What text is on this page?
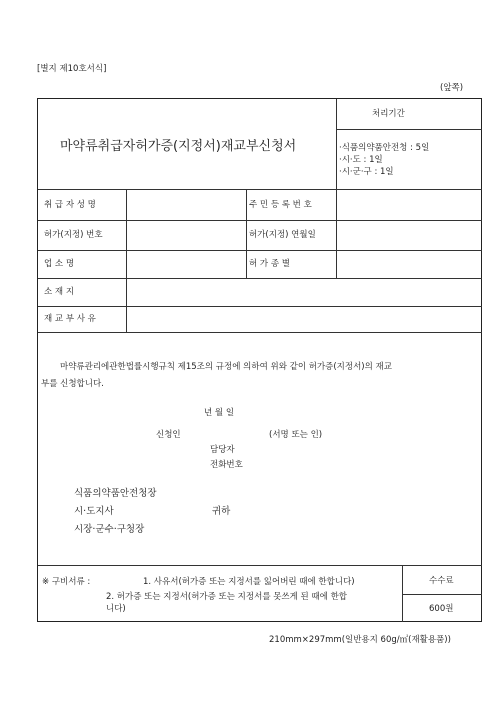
[별지 제10호서식]
(앞쪽)
마약류취급자허가증(지정서)재교부신청서
처리기간
·식품의약품안전청 : 5일
·시·도 : 1일
·시·군·구 : 1일
취 급 자 성 명	주 민 등 록 번 호
허가(지정) 번호	허가(지정) 연월일
업 소 명	허 가 종 별
소 재 지
재 교 부 사 유
마약류관리에관한법률시행규칙 제15조의 규정에 의하여 위와 같이 허가증(지정서)의 재교
부를 신청합니다.
년 월 일
신청인	(서명 또는 인)
담당자
전화번호
식품의약품안전청장
시·도지사	귀하
시장·군수·구청장
※ 구비서류 :	1. 사유서(허가증 또는 지정서를 잃어버린 때에 한합니다)
2. 허가증 또는 지정서(허가증 또는 지정서를 못쓰게 된 때에 한합
니다)
수수료
600원
210mm×297mm(일반용지 60g/㎡(재활용품))
